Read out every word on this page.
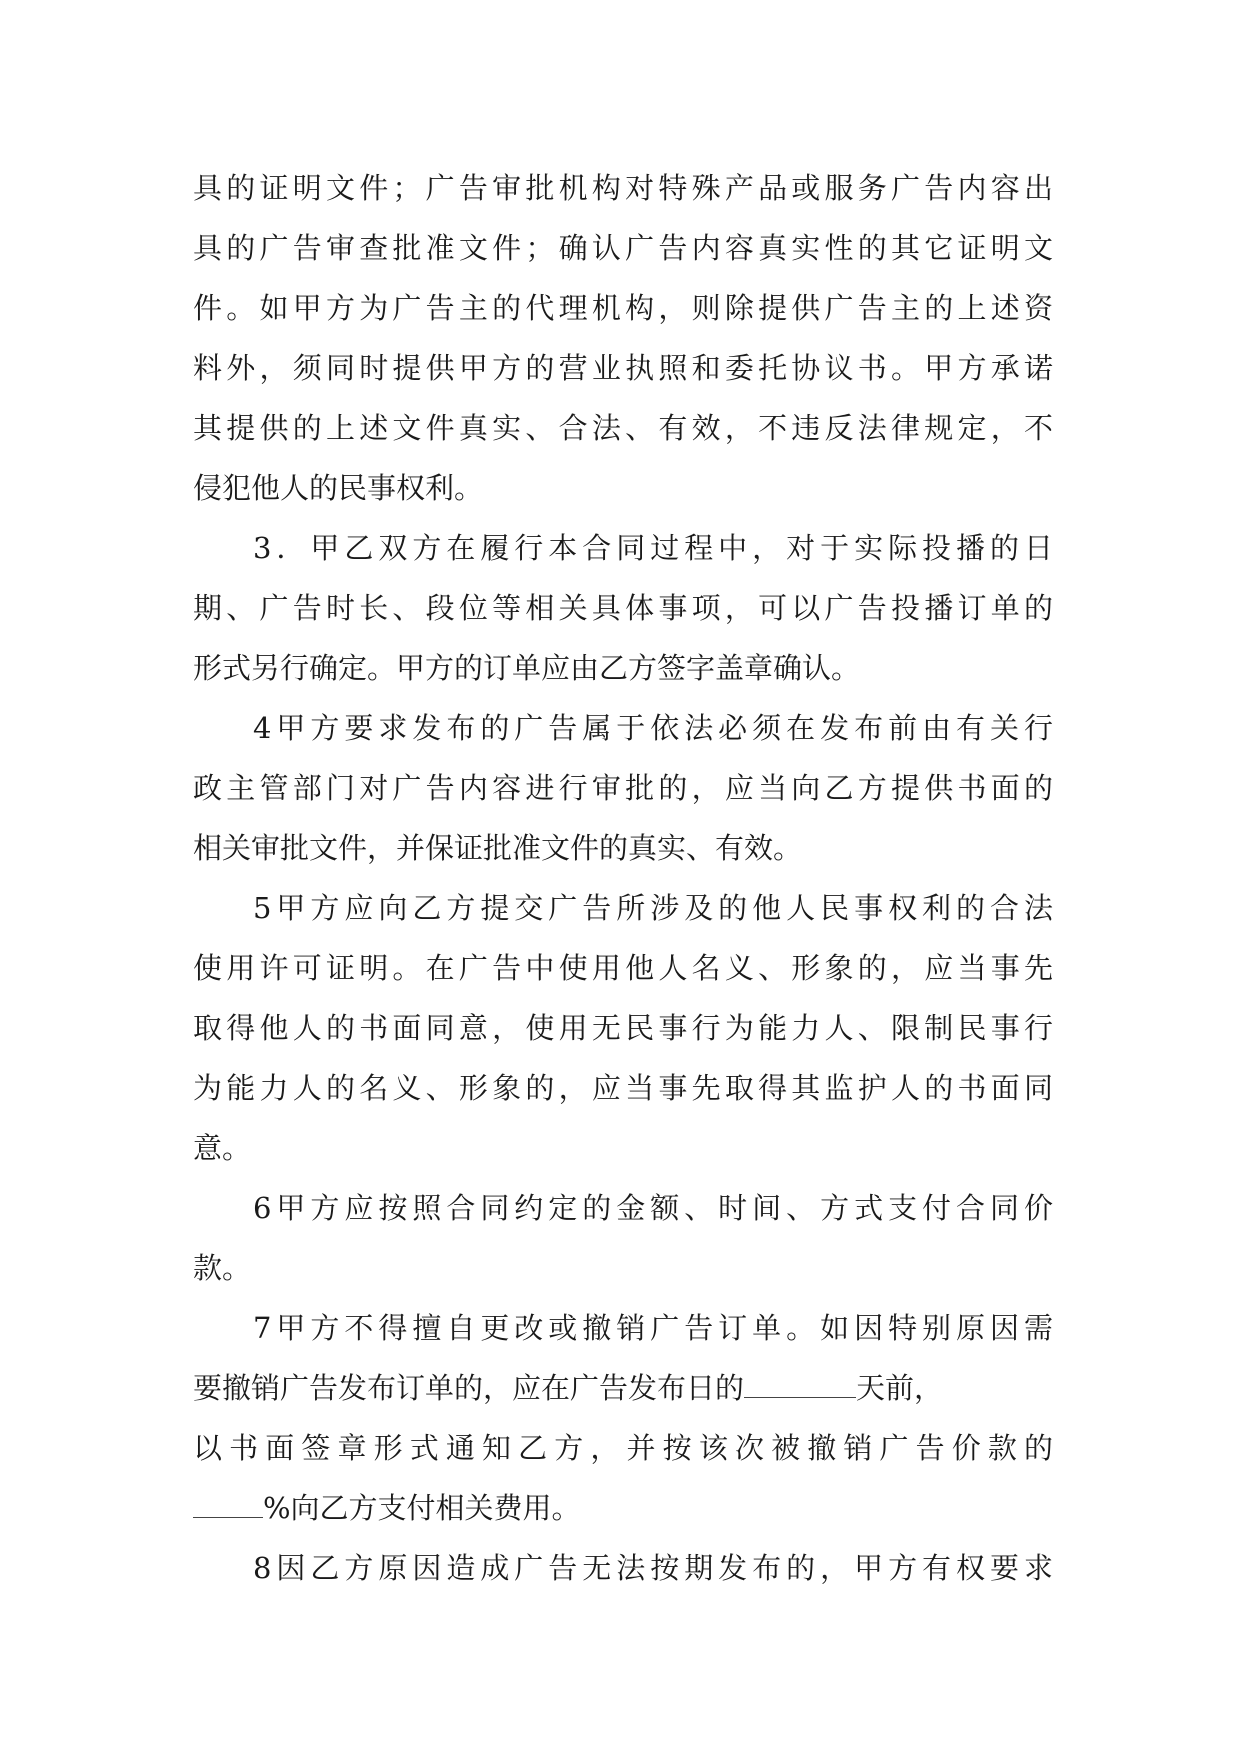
具的证明文件；广告审批机构对特殊产品或服务广告内容出
具的广告审查批准文件；确认广告内容真实性的其它证明文
件。如甲方为广告主的代理机构，则除提供广告主的上述资
料外，须同时提供甲方的营业执照和委托协议书。甲方承诺
其提供的上述文件真实、合法、有效，不违反法律规定，不
侵犯他人的民事权利。
3．甲乙双方在履行本合同过程中，对于实际投播的日
期、广告时长、段位等相关具体事项，可以广告投播订单的
形式另行确定。甲方的订单应由乙方签字盖章确认。
4甲方要求发布的广告属于依法必须在发布前由有关行
政主管部门对广告内容进行审批的，应当向乙方提供书面的
相关审批文件，并保证批准文件的真实、有效。
5甲方应向乙方提交广告所涉及的他人民事权利的合法
使用许可证明。在广告中使用他人名义、形象的，应当事先
取得他人的书面同意，使用无民事行为能力人、限制民事行
为能力人的名义、形象的，应当事先取得其监护人的书面同
意。
6甲方应按照合同约定的金额、时间、方式支付合同价
款。
7甲方不得擅自更改或撤销广告订单。如因特别原因需
要撤销广告发布订单的，应在广告发布日的	天前，
以书面签章形式通知乙方，并按该次被撤销广告价款的
%向乙方支付相关费用。
8因乙方原因造成广告无法按期发布的，甲方有权要求
